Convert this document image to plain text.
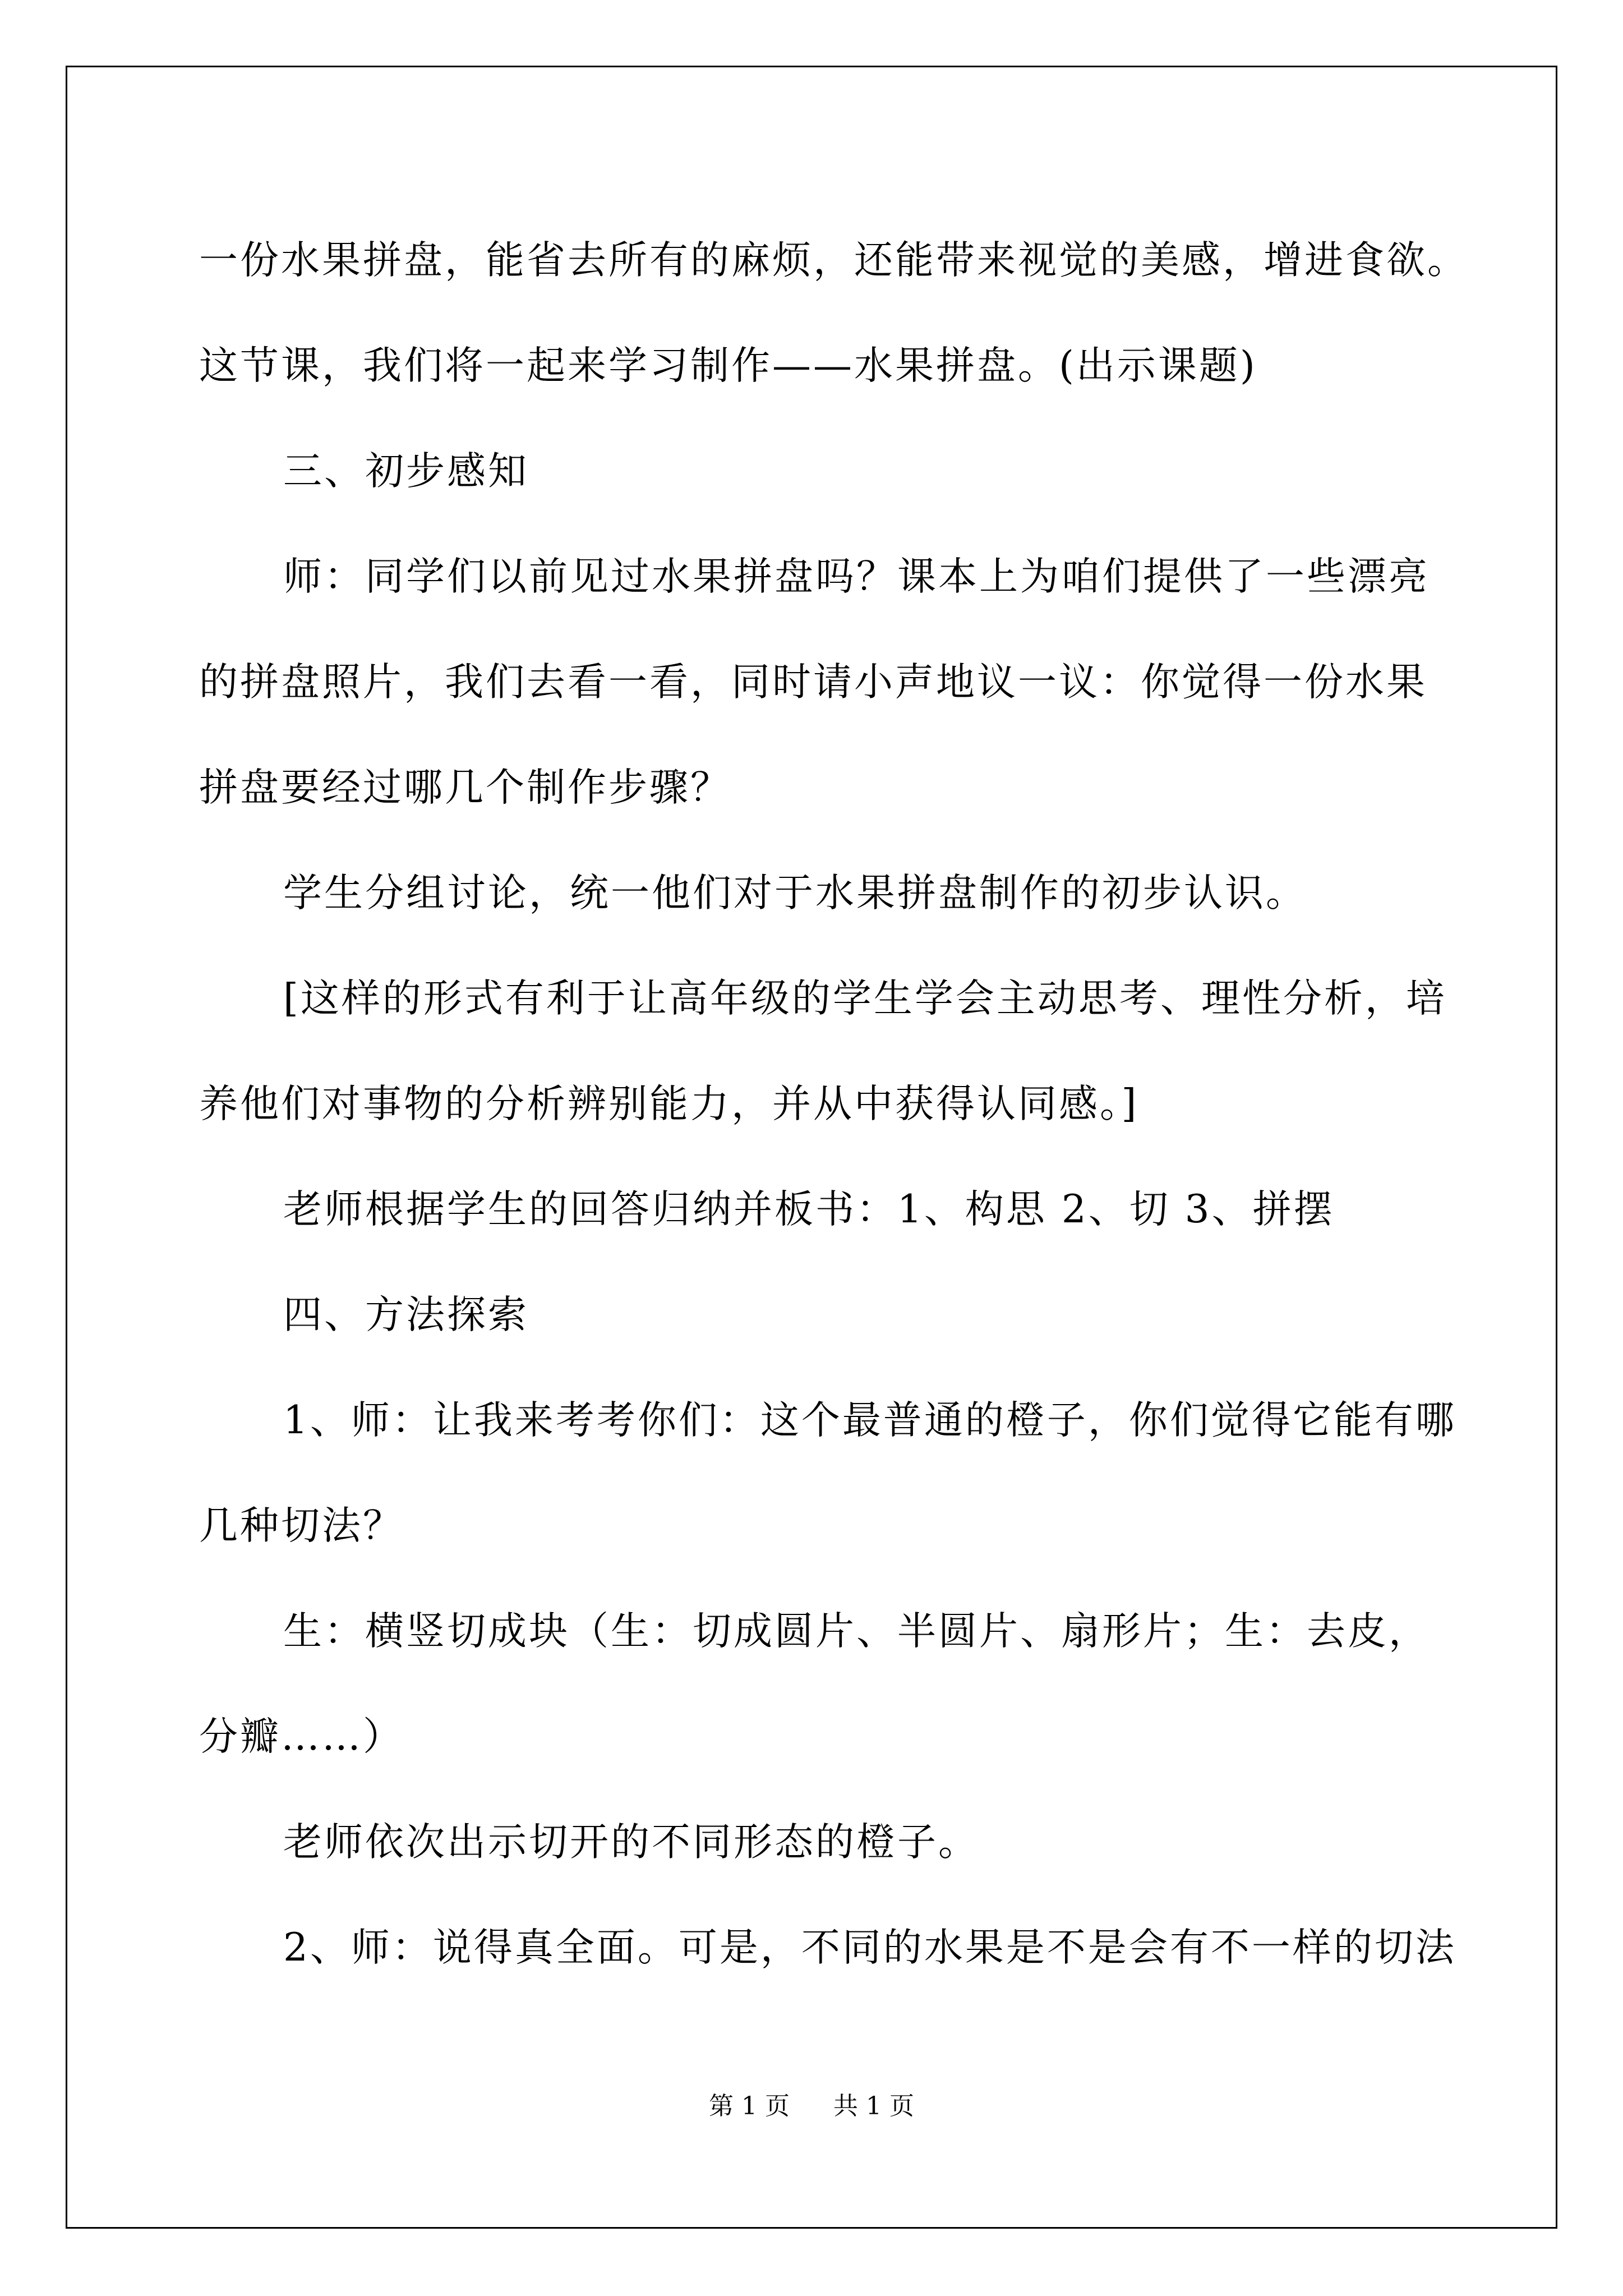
一份水果拼盘，能省去所有的麻烦，还能带来视觉的美感，增进食欲。
这节课，我们将一起来学习制作——水果拼盘。(出示课题)
三、初步感知
师：同学们以前见过水果拼盘吗？课本上为咱们提供了一些漂亮
的拼盘照片，我们去看一看，同时请小声地议一议：你觉得一份水果
拼盘要经过哪几个制作步骤？
学生分组讨论，统一他们对于水果拼盘制作的初步认识。
[这样的形式有利于让高年级的学生学会主动思考、理性分析，培
养他们对事物的分析辨别能力，并从中获得认同感。]
老师根据学生的回答归纳并板书：1、构思 2、切 3、拼摆
四、方法探索
1、师：让我来考考你们：这个最普通的橙子，你们觉得它能有哪
几种切法？
生：横竖切成块（生：切成圆片、半圆片、扇形片；生：去皮，
分瓣……）
老师依次出示切开的不同形态的橙子。
2、师：说得真全面。可是，不同的水果是不是会有不一样的切法
第 1 页 共 1 页
